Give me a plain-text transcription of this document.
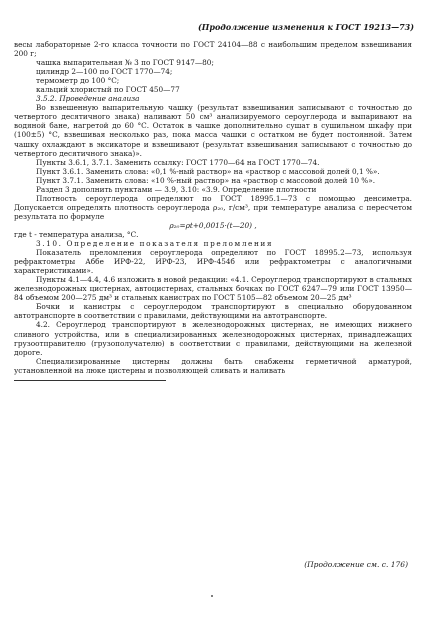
(Продолжение изменения к ГОСТ 19213—73)

весы лабораторные 2-го класса точности по ГОСТ 24104—88 с наибольшим пределом взвешивания 200 г;

чашка выпарительная № 3 по ГОСТ 9147—80;

цилиндр 2—100 по ГОСТ 1770—74;

термометр до 100 °С;

кальций хлористый по ГОСТ 450—77

3.5.2. Проведение анализа

Во взвешенную выпарительную чашку (результат взвешивания записывают с точностью до четвертого десятичного знака) наливают 50 см³ анализируемого сероуглерода и выпаривают на водяной бане, нагретой до 60 °С. Остаток в чашке дополнительно сушат в сушильном шкафу при (100±5) °С, взвешивая несколько раз, пока масса чашки с остатком не будет постоянной. Затем чашку охлаждают в эксикаторе и взвешивают (результат взвешивания записывают с точностью до четвертого десятичного знака)».

Пункты 3.6.1, 3.7.1. Заменить ссылку: ГОСТ 1770—64 на ГОСТ 1770—74.

Пункт 3.6.1. Заменить слова: «0,1 %-ный раствор» на «раствор с массовой долей 0,1 %».

Пункт 3.7.1. Заменить слова: «10 %-ный раствор» на «раствор с массовой долей 10 %».

Раздел 3 дополнить пунктами — 3.9, 3.10: «3.9. Определение плотности

Плотность сероуглерода определяют по ГОСТ 18995.1—73 с помощью денсиметра. Допускается определять плотность сероуглерода ρ₂₀, г/см³, при температуре анализа с пересчетом результата по формуле

ρ₂₀=ρt+0,0015·(t—20) ,

где t - температура анализа, °С.

3.10. Определение показателя преломления

Показатель преломления сероуглерода определяют по ГОСТ 18995.2—73, используя рефрактометры Аббе ИРФ-22, ИРФ-23, ИРФ-454б или рефрактометры с аналогичными характеристиками».

Пункты 4.1—4.4, 4.6 изложить в новой редакции: «4.1. Сероуглерод транспортируют в стальных железнодорожных цистернах, автоцистернах, стальных бочках по ГОСТ 6247—79 или ГОСТ 13950—84 объемом 200—275 дм³ и стальных канистрах по ГОСТ 5105—82 объемом 20—25 дм³

Бочки и канистры с сероуглеродом транспортируют в специально оборудованном автотранспорте в соответствии с правилами, действующими на автотранспорте.

4.2. Сероуглерод транспортируют в железнодорожных цистернах, не имеющих нижнего сливного устройства, или в специализированных железнодорожных цистернах, принадлежащих грузоотправителю (грузополучателю) в соответствии с правилами, действующими на железной дороге.

Специализированные цистерны должны быть снабжены герметичной арматурой, установленной на люке цистерны и позволяющей сливать и наливать

(Продолжение см. с. 176)
